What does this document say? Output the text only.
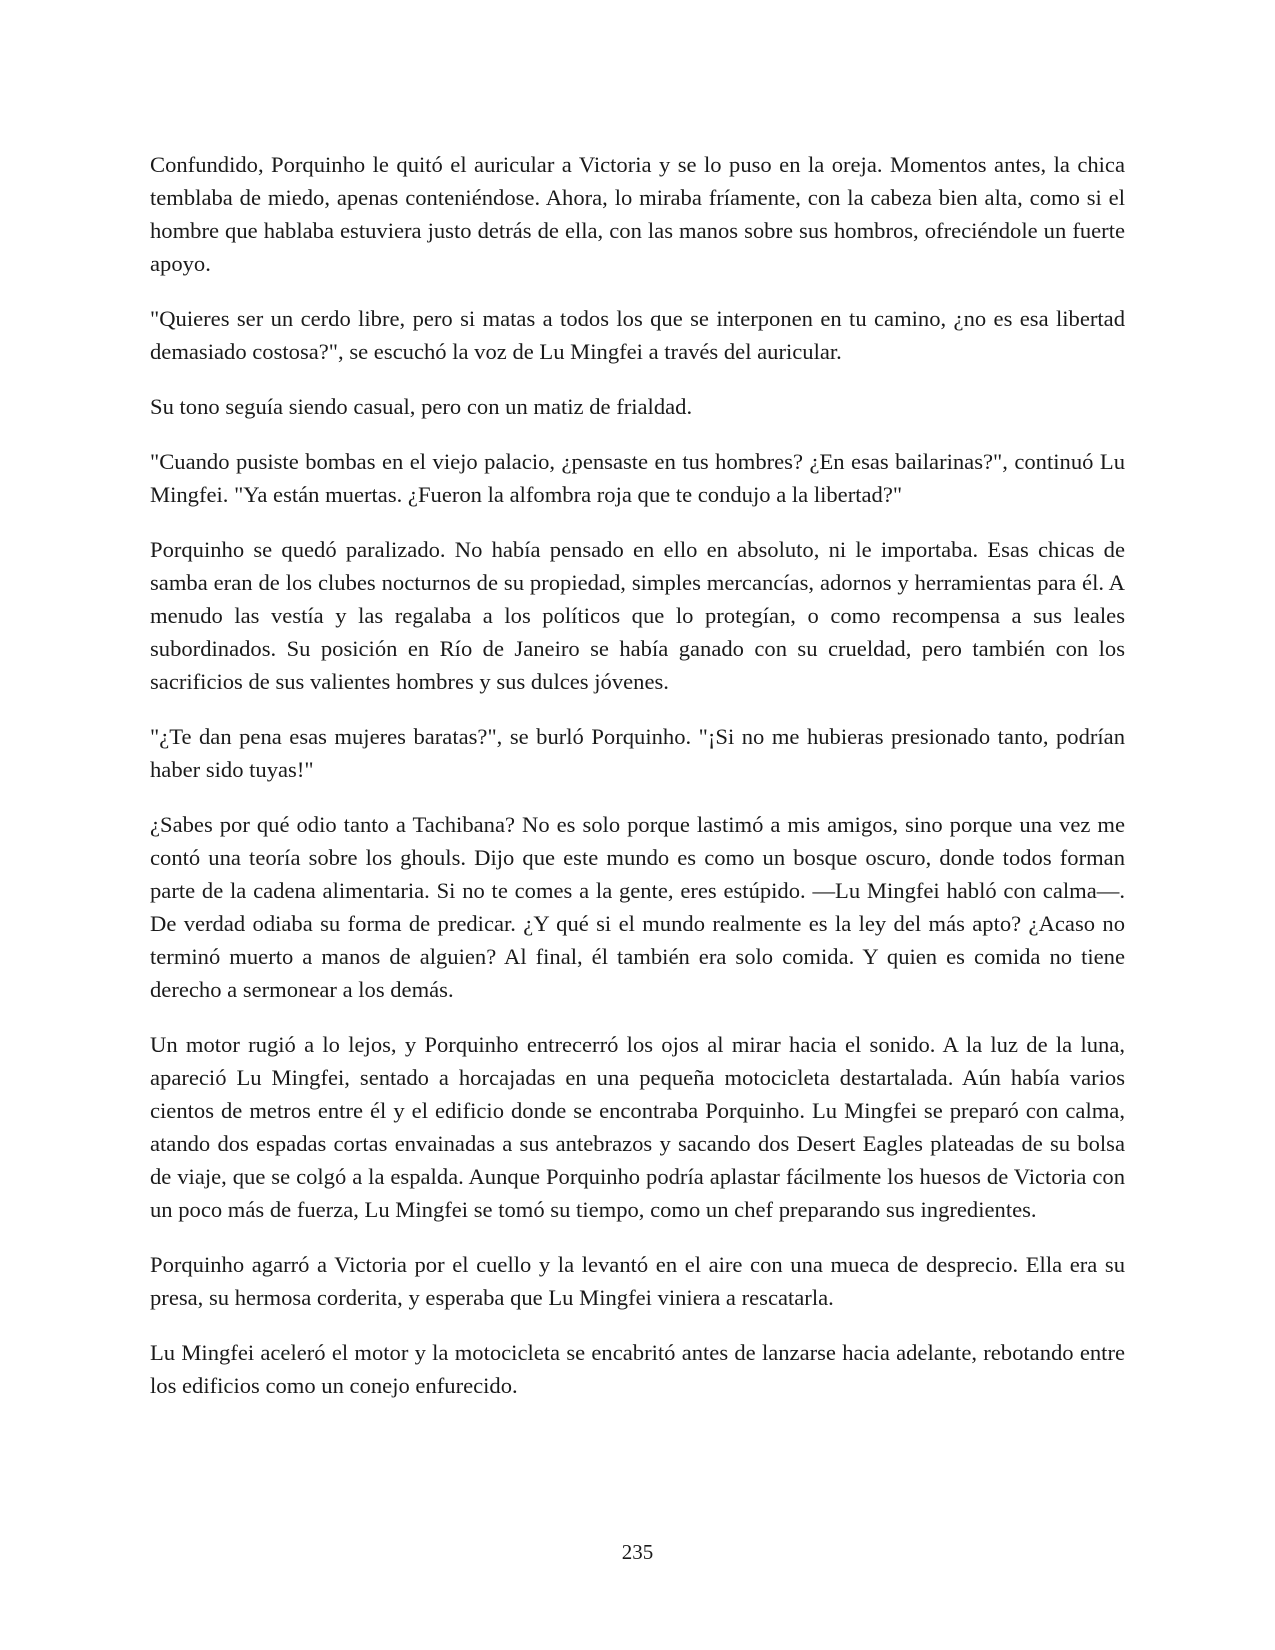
Confundido, Porquinho le quitó el auricular a Victoria y se lo puso en la oreja. Momentos antes, la chica temblaba de miedo, apenas conteniéndose. Ahora, lo miraba fríamente, con la cabeza bien alta, como si el hombre que hablaba estuviera justo detrás de ella, con las manos sobre sus hombros, ofreciéndole un fuerte apoyo.

"Quieres ser un cerdo libre, pero si matas a todos los que se interponen en tu camino, ¿no es esa libertad demasiado costosa?", se escuchó la voz de Lu Mingfei a través del auricular.

Su tono seguía siendo casual, pero con un matiz de frialdad.

"Cuando pusiste bombas en el viejo palacio, ¿pensaste en tus hombres? ¿En esas bailarinas?", continuó Lu Mingfei. "Ya están muertas. ¿Fueron la alfombra roja que te condujo a la libertad?"

Porquinho se quedó paralizado. No había pensado en ello en absoluto, ni le importaba. Esas chicas de samba eran de los clubes nocturnos de su propiedad, simples mercancías, adornos y herramientas para él. A menudo las vestía y las regalaba a los políticos que lo protegían, o como recompensa a sus leales subordinados. Su posición en Río de Janeiro se había ganado con su crueldad, pero también con los sacrificios de sus valientes hombres y sus dulces jóvenes.

"¿Te dan pena esas mujeres baratas?", se burló Porquinho. "¡Si no me hubieras presionado tanto, podrían haber sido tuyas!"

¿Sabes por qué odio tanto a Tachibana? No es solo porque lastimó a mis amigos, sino porque una vez me contó una teoría sobre los ghouls. Dijo que este mundo es como un bosque oscuro, donde todos forman parte de la cadena alimentaria. Si no te comes a la gente, eres estúpido. —Lu Mingfei habló con calma—. De verdad odiaba su forma de predicar. ¿Y qué si el mundo realmente es la ley del más apto? ¿Acaso no terminó muerto a manos de alguien? Al final, él también era solo comida. Y quien es comida no tiene derecho a sermonear a los demás.

Un motor rugió a lo lejos, y Porquinho entrecerró los ojos al mirar hacia el sonido. A la luz de la luna, apareció Lu Mingfei, sentado a horcajadas en una pequeña motocicleta destartalada. Aún había varios cientos de metros entre él y el edificio donde se encontraba Porquinho. Lu Mingfei se preparó con calma, atando dos espadas cortas envainadas a sus antebrazos y sacando dos Desert Eagles plateadas de su bolsa de viaje, que se colgó a la espalda. Aunque Porquinho podría aplastar fácilmente los huesos de Victoria con un poco más de fuerza, Lu Mingfei se tomó su tiempo, como un chef preparando sus ingredientes.

Porquinho agarró a Victoria por el cuello y la levantó en el aire con una mueca de desprecio. Ella era su presa, su hermosa corderita, y esperaba que Lu Mingfei viniera a rescatarla.

Lu Mingfei aceleró el motor y la motocicleta se encabritó antes de lanzarse hacia adelante, rebotando entre los edificios como un conejo enfurecido.

235
